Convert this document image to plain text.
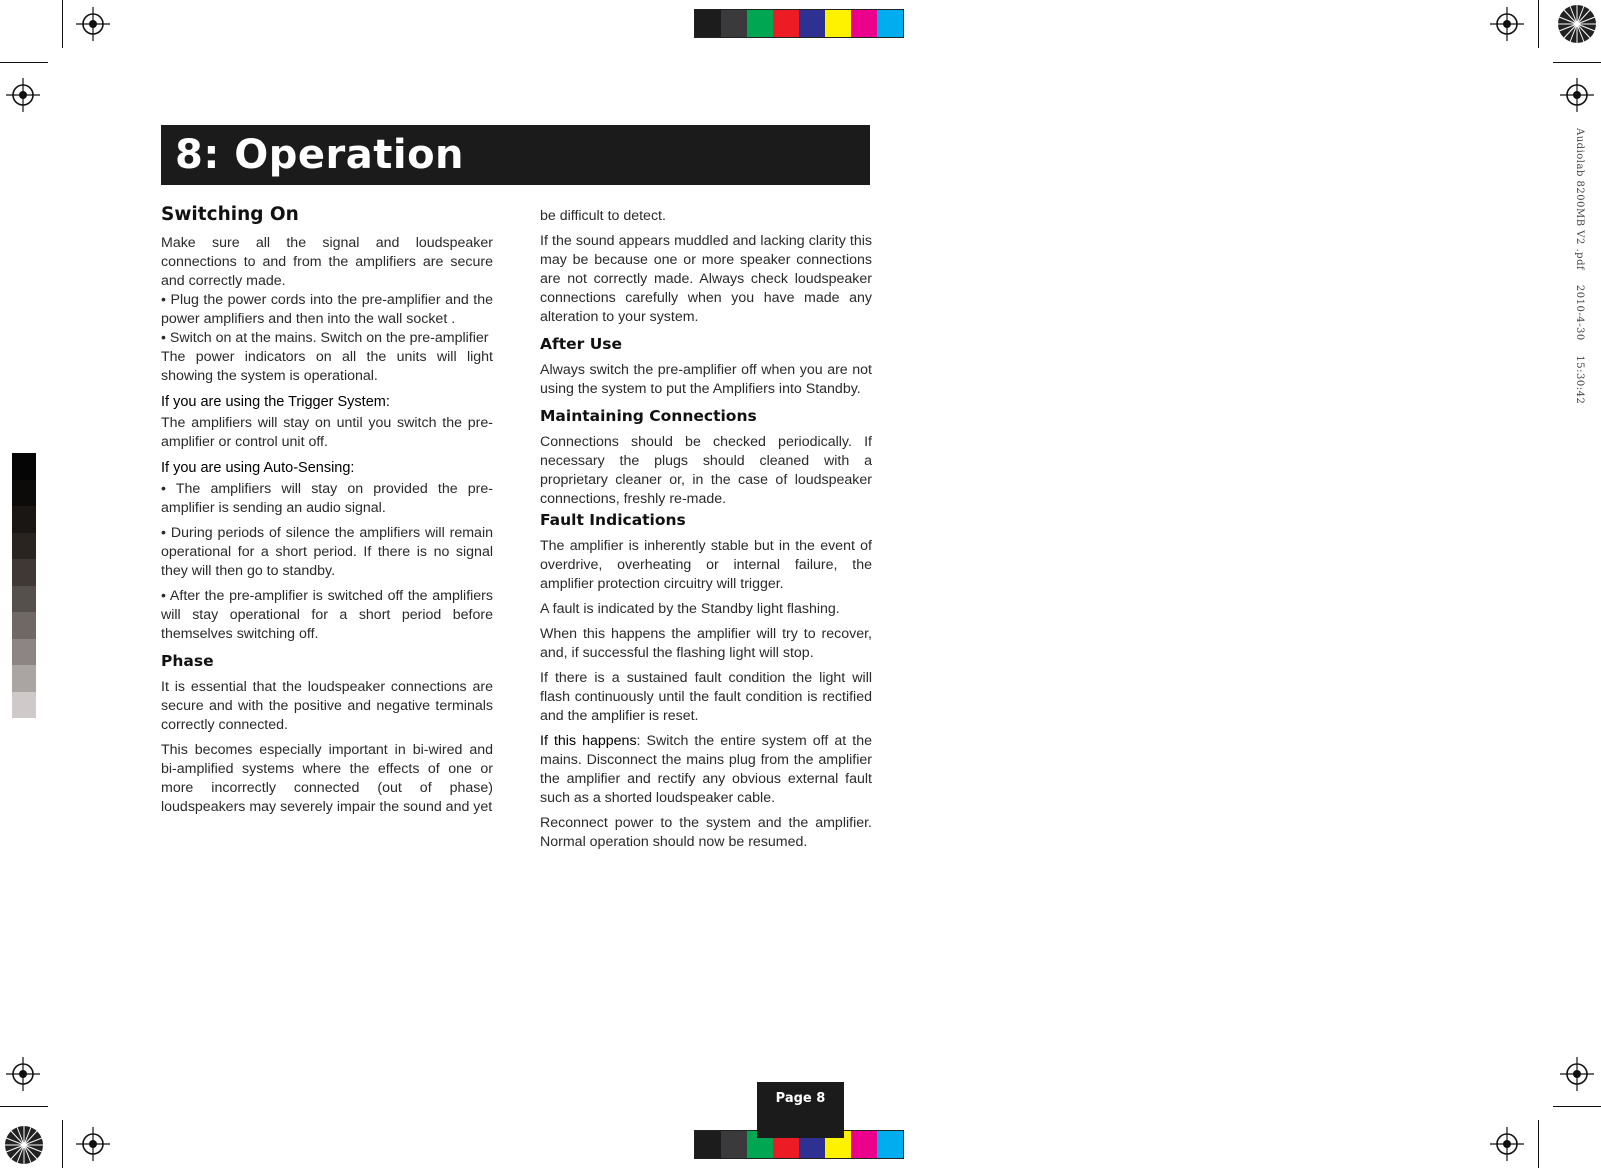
Audiolab 8200MB V2 .pdf    2010-4-30    15:30:42
8: Operation
Switching On

Make sure all the signal and loudspeaker connections to and from the amplifiers are secure and correctly made.

• Plug the power cords into the pre-amplifier and the power amplifiers and then into the wall socket .

• Switch on at the mains. Switch on the pre-amplifier

The power indicators on all the units will light showing the system is operational.

If you are using the Trigger System:

The amplifiers will stay on until you switch the pre-amplifier or control unit off.

If you are using Auto-Sensing:

• The amplifiers will stay on provided the pre-amplifier is sending an audio signal.

• During periods of silence the amplifiers will remain operational for a short period. If there is no signal they will then go to standby.

• After the pre-amplifier is switched off the amplifiers will stay operational for a short period before themselves switching off.

Phase

It is essential that the loudspeaker connections are secure and with the positive and negative terminals correctly connected.

This becomes especially important in bi-wired and bi-amplified systems where the effects of one or more incorrectly connected (out of phase) loudspeakers may severely impair the sound and yet

be difficult to detect.

If the sound appears muddled and lacking clarity this may be because one or more speaker connections are not correctly made. Always check loudspeaker connections carefully when you have made any alteration to your system.

After Use

Always switch the pre-amplifier off when you are not using the system to put the Amplifiers into Standby.

Maintaining Connections

Connections should be checked periodically. If necessary the plugs should cleaned with a proprietary cleaner or, in the case of loudspeaker connections, freshly re-made.

Fault Indications

The amplifier is inherently stable but in the event of overdrive, overheating or internal failure, the amplifier protection circuitry will trigger.

A fault is indicated by the Standby light flashing.

When this happens the amplifier will try to recover, and, if successful the flashing light will stop.

If there is a sustained fault condition the light will flash continuously until the fault condition is rectified and the amplifier is reset.

If this happens: Switch the entire system off at the mains. Disconnect the mains plug from the amplifier the amplifier and rectify any obvious external fault such as a shorted loudspeaker cable.

Reconnect power to the system and the amplifier. Normal operation should now be resumed.

Page 8
